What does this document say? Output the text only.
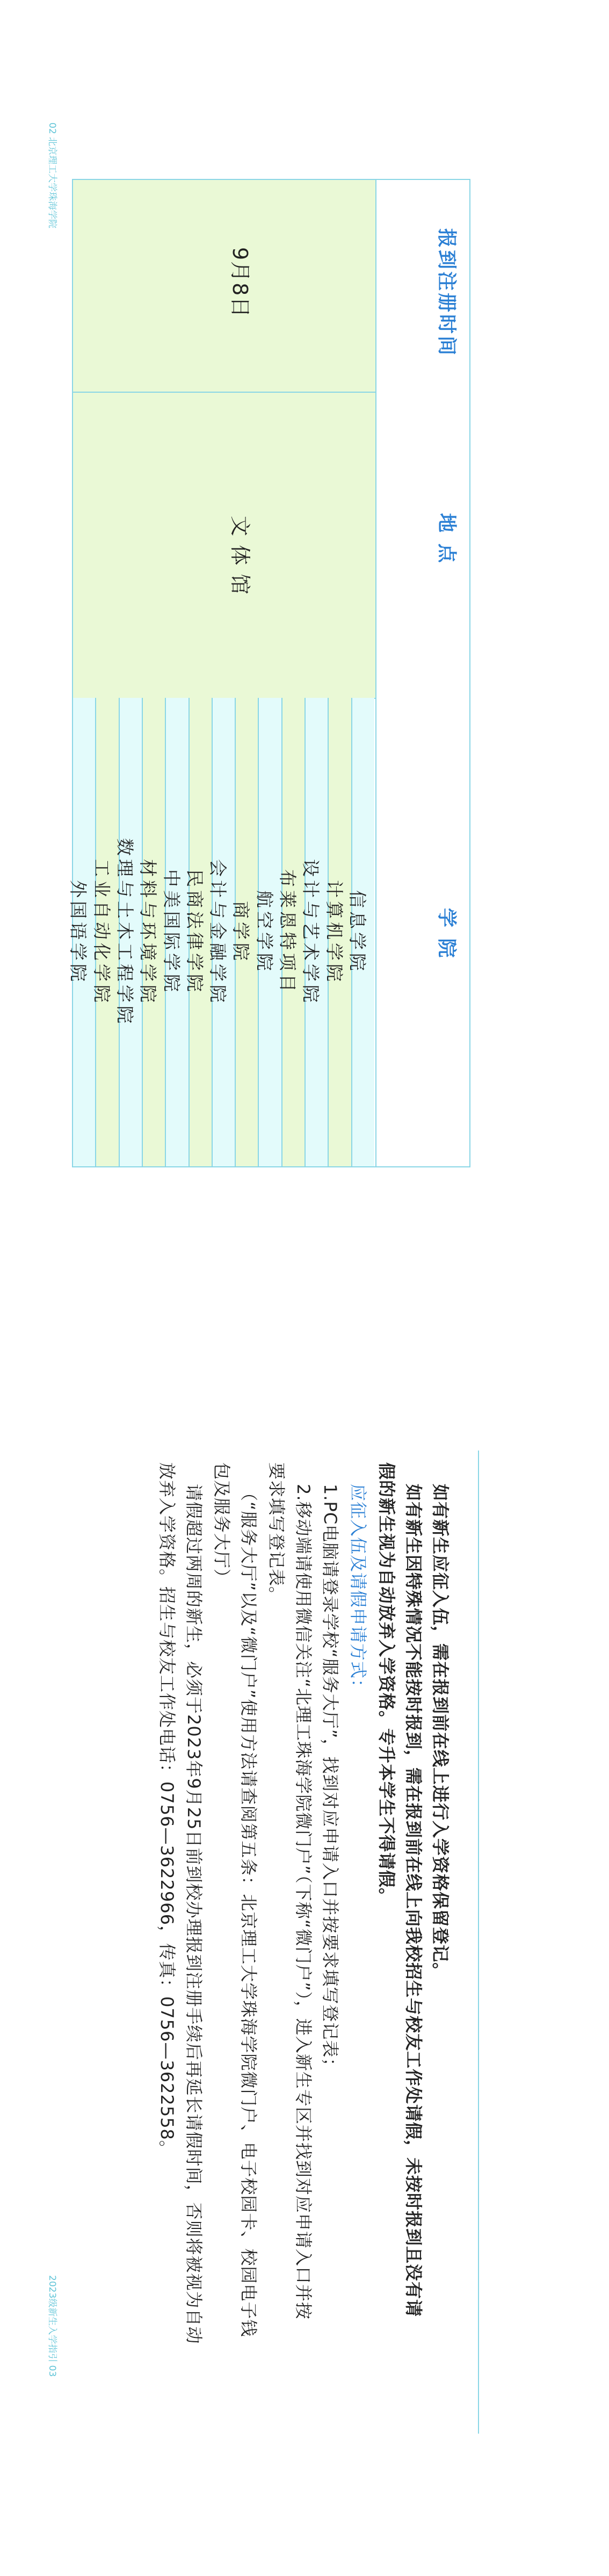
02 北京理工大学珠海学院
报到注册时间
地 点
学 院
9月8日
文 体 馆
信息学院
计算机学院
设计与艺术学院
布莱恩特项目
航空学院
商学院
会计与金融学院
民商法律学院
中美国际学院
材料与环境学院
数理与土木工程学院
工业自动化学院
外国语学院
如有新生应征入伍，需在报到前在线上进行入学资格保留登记。
如有新生因特殊情况不能按时报到，需在报到前在线上向我校招生与校友工作处请假，未按时报到且没有请
假的新生视为自动放弃入学资格。专升本学生不得请假。
应征入伍及请假申请方式：
1.PC电脑请登录学校“服务大厅”，找到对应申请入口并按要求填写登记表；
2.移动端请使用微信关注“北理工珠海学院微门户”（下称“微门户”），进入新生专区并找到对应申请入口并按
要求填写登记表。
（“服务大厅”以及“微门户”使用方法请查阅第五条：北京理工大学珠海学院微门户、电子校园卡、校园电子钱
包及服务大厅）
请假超过两周的新生，必须于2023年9月25日前到校办理报到注册手续后再延长请假时间，否则将被视为自动
放弃入学资格。招生与校友工作处电话：0756—3622966，传真：0756—3622558。
2023级新生入学指引 03
